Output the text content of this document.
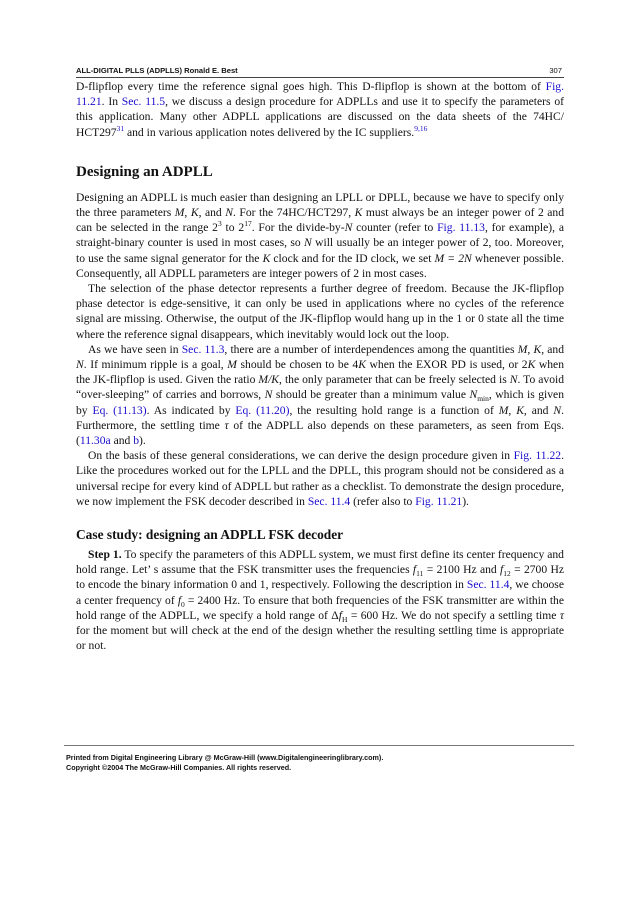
ALL-DIGITAL PLLS (ADPLLS) Ronald E. Best	307

D-flipflop every time the reference signal goes high. This D-flipflop is shown at the bottom of Fig. 11.21. In Sec. 11.5, we discuss a design procedure for ADPLLs and use it to specify the parameters of this application. Many other ADPLL applications are discussed on the data sheets of the 74HC/ $HCT297^{31}$ and in various application notes delivered by the IC suppliers.$^{9,16}$

Designing an ADPLL

Designing an ADPLL is much easier than designing an LPLL or DPLL, because we have to specify only the three parameters M, K, and N. For the 74HC/HCT297, K must always be an integer power of 2 and can be selected in the range $2^3$ to $2^{17}$. For the divide-by-N counter (refer to Fig. 11.13, for example), a straight-binary counter is used in most cases, so N will usually be an integer power of 2, too. Moreover, to use the same signal generator for the K clock and for the ID clock, we set M = 2N whenever possible. Consequently, all ADPLL parameters are integer powers of 2 in most cases.

The selection of the phase detector represents a further degree of freedom. Because the JK-flipflop phase detector is edge-sensitive, it can only be used in applications where no cycles of the reference signal are missing. Otherwise, the output of the JK-flipflop would hang up in the 1 or 0 state all the time where the reference signal disappears, which inevitably would lock out the loop.

As we have seen in Sec. 11.3, there are a number of interdependences among the quantities M, K, and N. If minimum ripple is a goal, M should be chosen to be 4K when the EXOR PD is used, or 2K when the JK-flipflop is used. Given the ratio M/K, the only parameter that can be freely selected is N. To avoid “over-sleeping” of carries and borrows, N should be greater than a minimum value $N_{min}$, which is given by Eq. (11.13). As indicated by Eq. (11.20), the resulting hold range is a function of M, K, and N. Furthermore, the settling time τ of the ADPLL also depends on these parameters, as seen from Eqs. (11.30a and b).

On the basis of these general considerations, we can derive the design procedure given in Fig. 11.22. Like the procedures worked out for the LPLL and the DPLL, this program should not be considered as a universal recipe for every kind of ADPLL but rather as a checklist. To demonstrate the design procedure, we now implement the FSK decoder described in Sec. 11.4 (refer also to Fig. 11.21).

Case study: designing an ADPLL FSK decoder

Step 1. To specify the parameters of this ADPLL system, we must first define its center frequency and hold range. Let’ s assume that the FSK transmitter uses the frequencies $f_{11} = 2100$ Hz and $f_{12} = 2700$ Hz to encode the binary information 0 and 1, respectively. Following the description in Sec. 11.4, we choose a center frequency of $f_0 = 2400$ Hz. To ensure that both frequencies of the FSK transmitter are within the hold range of the ADPLL, we specify a hold range of $\Delta f_H = 600$ Hz. We do not specify a settling time τ for the moment but will check at the end of the design whether the resulting settling time is appropriate or not.

Printed from Digital Engineering Library @ McGraw-Hill (www.Digitalengineeringlibrary.com).
Copyright ©2004 The McGraw-Hill Companies. All rights reserved.
